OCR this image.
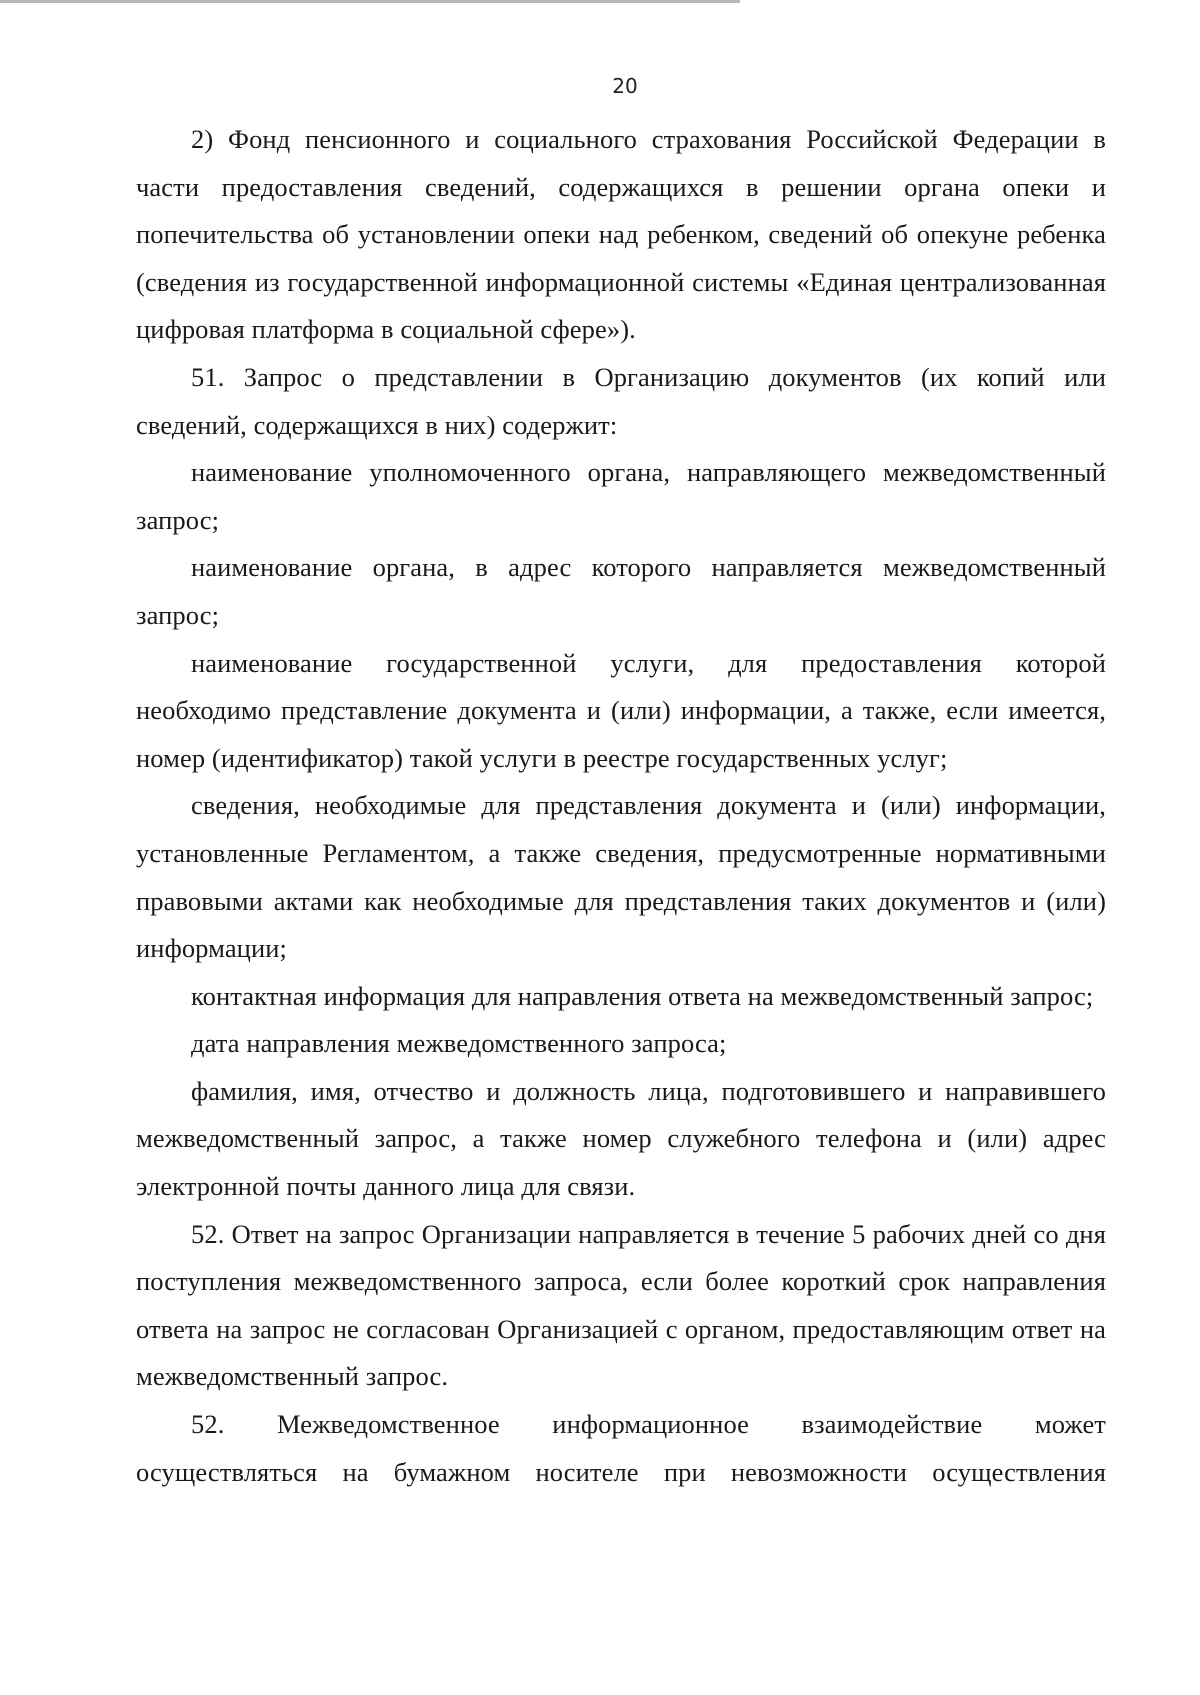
20

2) Фонд пенсионного и социального страхования Российской Федерации в части предоставления сведений, содержащихся в решении органа опеки и попечительства об установлении опеки над ребенком, сведений об опекуне ребенка (сведения из государственной информационной системы «Единая централизованная цифровая платформа в социальной сфере»).

51. Запрос о представлении в Организацию документов (их копий или сведений, содержащихся в них) содержит:

наименование уполномоченного органа, направляющего межведомственный запрос;

наименование органа, в адрес которого направляется межведомственный запрос;

наименование государственной услуги, для предоставления которой необходимо представление документа и (или) информации, а также, если имеется, номер (идентификатор) такой услуги в реестре государственных услуг;

сведения, необходимые для представления документа и (или) информации, установленные Регламентом, а также сведения, предусмотренные нормативными правовыми актами как необходимые для представления таких документов и (или) информации;

контактная информация для направления ответа на межведомственный запрос;

дата направления межведомственного запроса;

фамилия, имя, отчество и должность лица, подготовившего и направившего межведомственный запрос, а также номер служебного телефона и (или) адрес электронной почты данного лица для связи.

52. Ответ на запрос Организации направляется в течение 5 рабочих дней со дня поступления межведомственного запроса, если более короткий срок направления ответа на запрос не согласован Организацией с органом, предоставляющим ответ на межведомственный запрос.

52. Межведомственное информационное взаимодействие может осуществляться на бумажном носителе при невозможности осуществления
